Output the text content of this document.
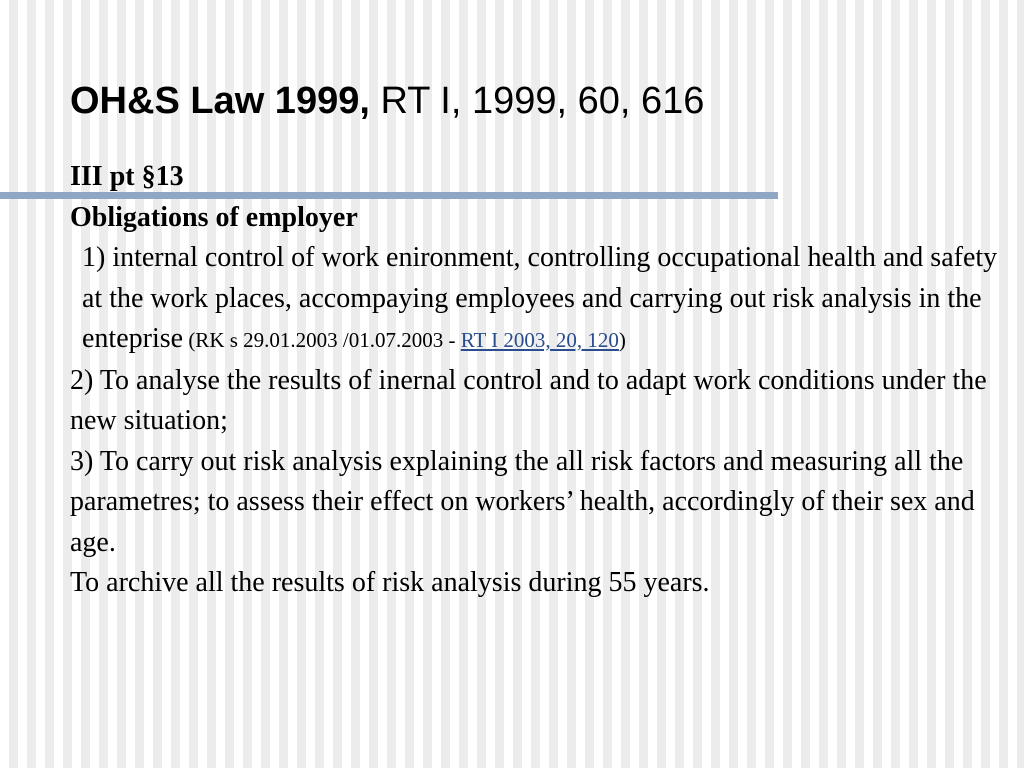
OH&S Law 1999, RT I, 1999, 60, 616

III pt §13

Obligations of employer

1) internal control of work enironment, controlling occupational health and safety at the work places, accompaying employees and carrying out risk analysis in the enteprise (RK s 29.01.2003 /01.07.2003 - RT I 2003, 20, 120)

2) To analyse the results of inernal control and to adapt work conditions under the new situation;

3) To carry out risk analysis explaining the all risk factors and measuring all the parametres; to assess their effect on workers’ health, accordingly of their sex and age.

To archive all the results of risk analysis during 55 years.
